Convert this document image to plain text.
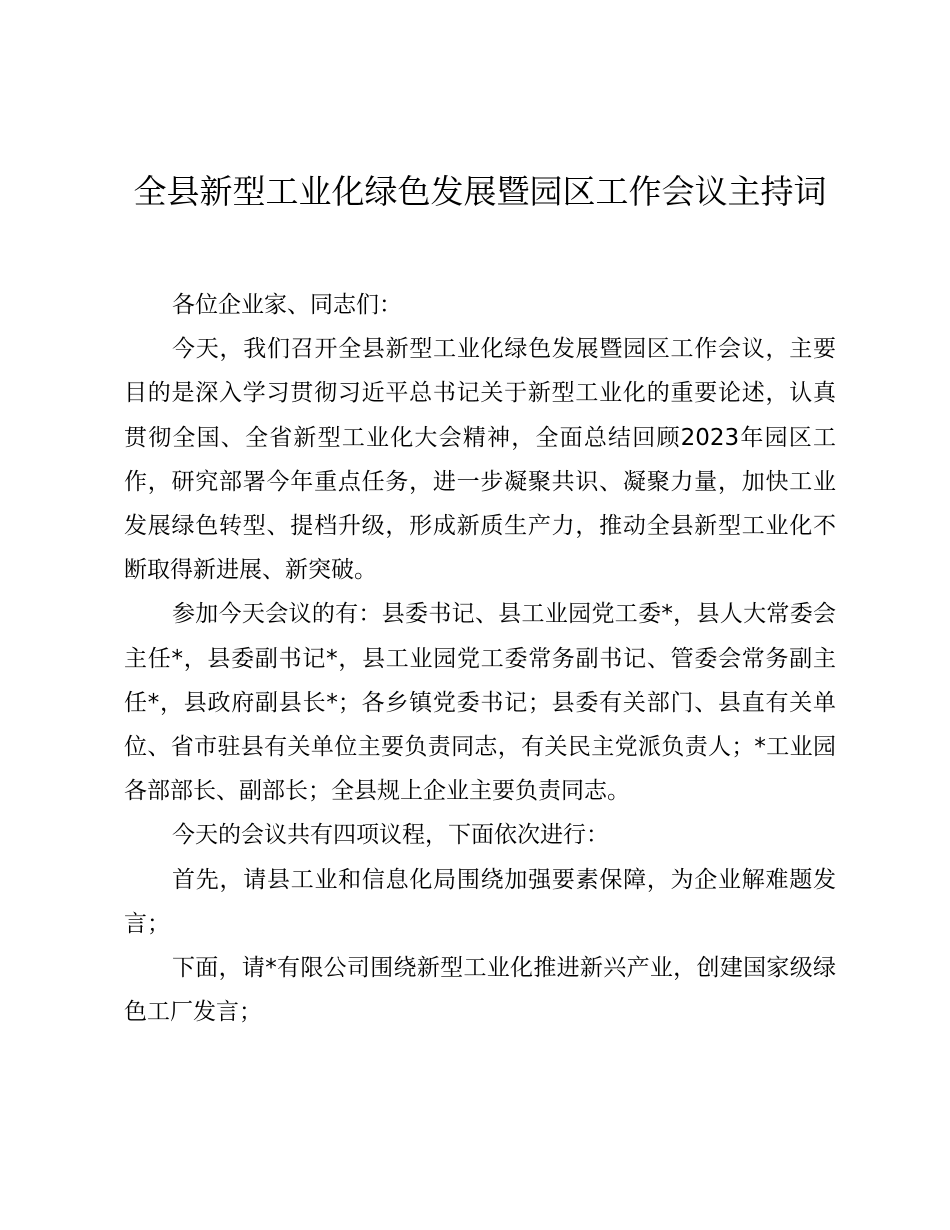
全县新型工业化绿色发展暨园区工作会议主持词

各位企业家、同志们：

今天，我们召开全县新型工业化绿色发展暨园区工作会议，主要目的是深入学习贯彻习近平总书记关于新型工业化的重要论述，认真贯彻全国、全省新型工业化大会精神，全面总结回顾2023年园区工作，研究部署今年重点任务，进一步凝聚共识、凝聚力量，加快工业发展绿色转型、提档升级，形成新质生产力，推动全县新型工业化不断取得新进展、新突破。

参加今天会议的有：县委书记、县工业园党工委*，县人大常委会主任*，县委副书记*，县工业园党工委常务副书记、管委会常务副主任*，县政府副县长*；各乡镇党委书记；县委有关部门、县直有关单位、省市驻县有关单位主要负责同志，有关民主党派负责人；*工业园各部部长、副部长；全县规上企业主要负责同志。

今天的会议共有四项议程，下面依次进行：

首先，请县工业和信息化局围绕加强要素保障，为企业解难题发言；

下面，请*有限公司围绕新型工业化推进新兴产业，创建国家级绿色工厂发言；
